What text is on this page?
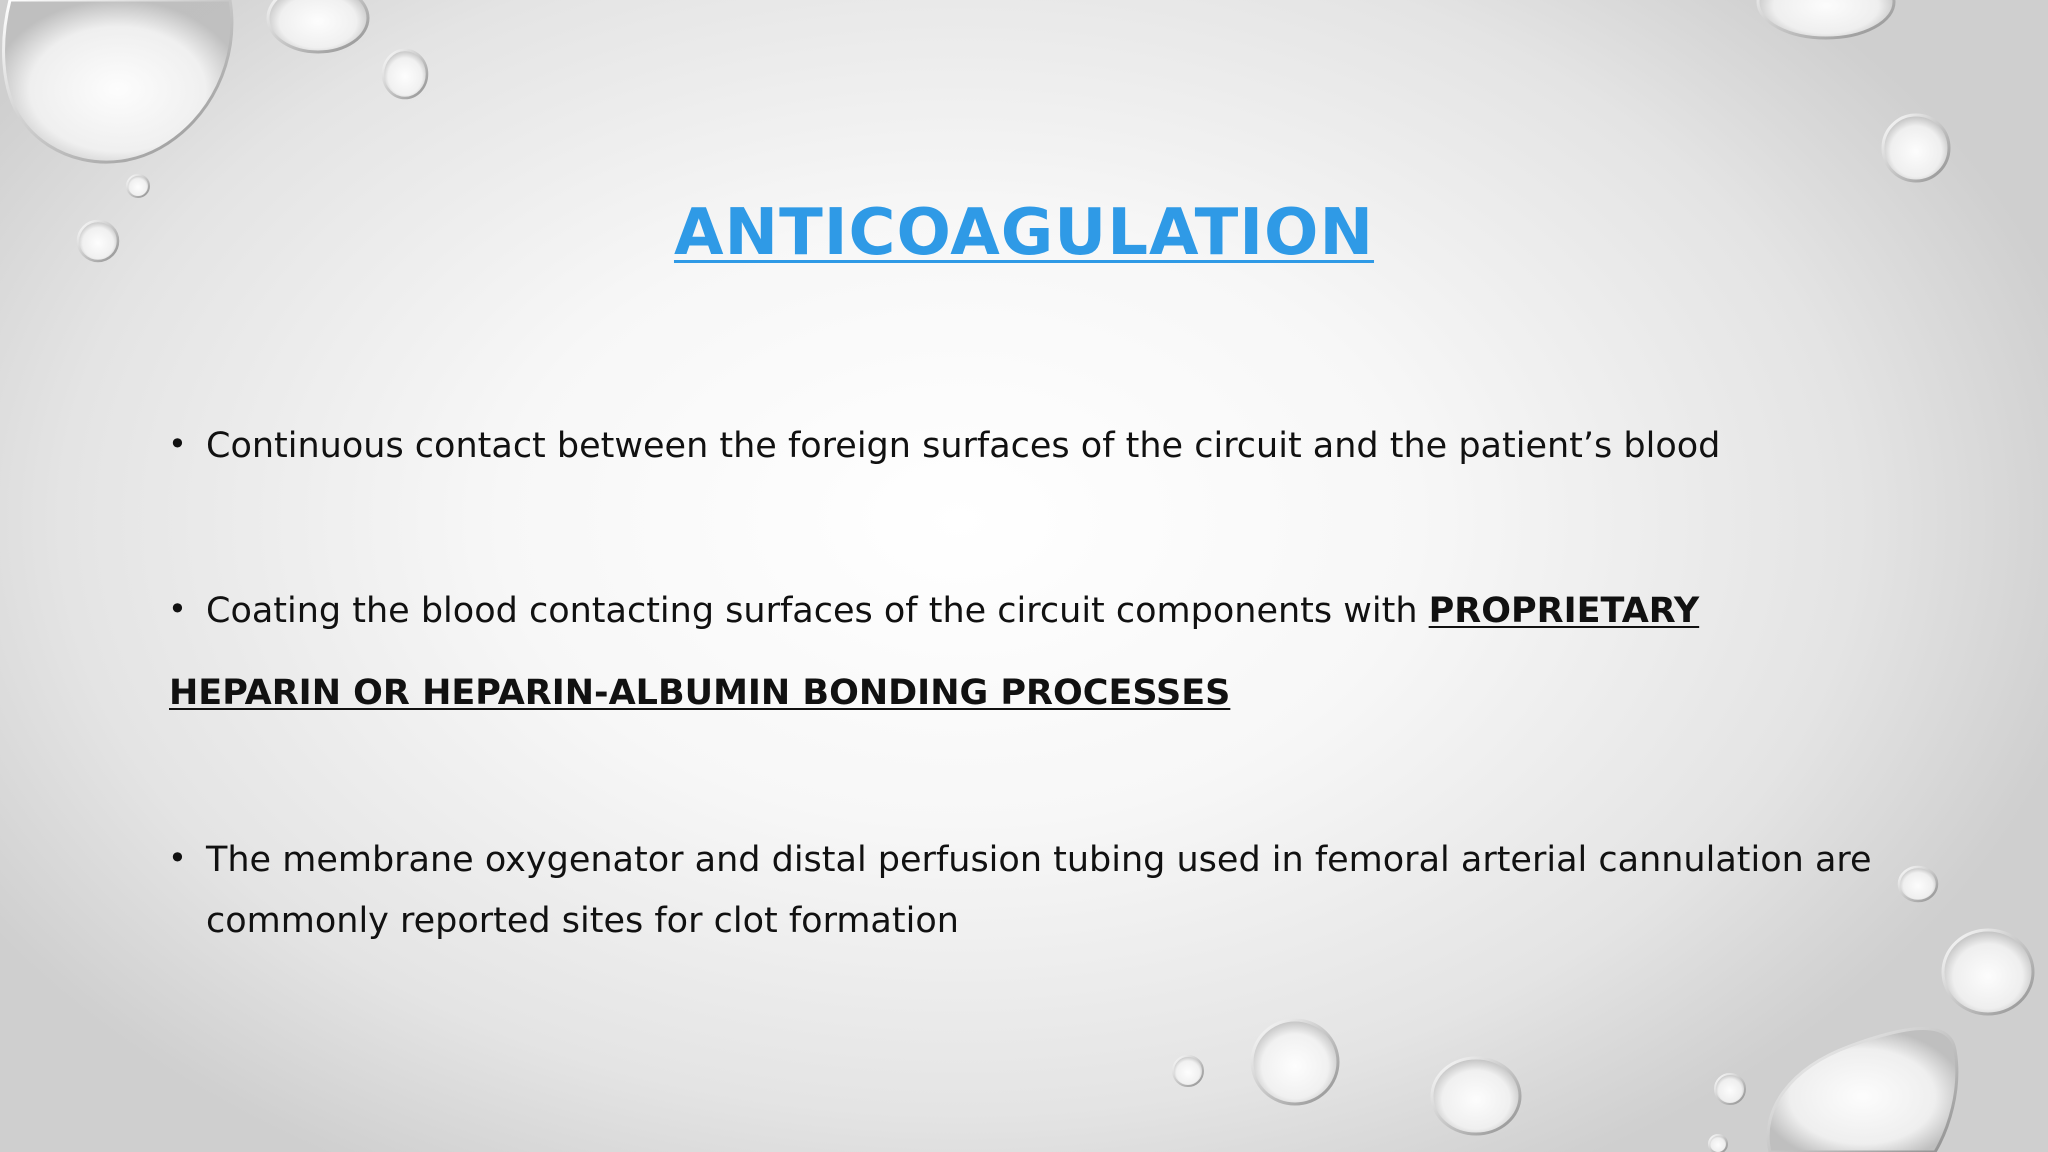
ANTICOAGULATION
• Continuous contact between the foreign surfaces of the circuit and the patient’s blood
• Coating the blood contacting surfaces of the circuit components with PROPRIETARY
HEPARIN OR HEPARIN-ALBUMIN BONDING PROCESSES
• The membrane oxygenator and distal perfusion tubing used in femoral arterial cannulation are
commonly reported sites for clot formation
